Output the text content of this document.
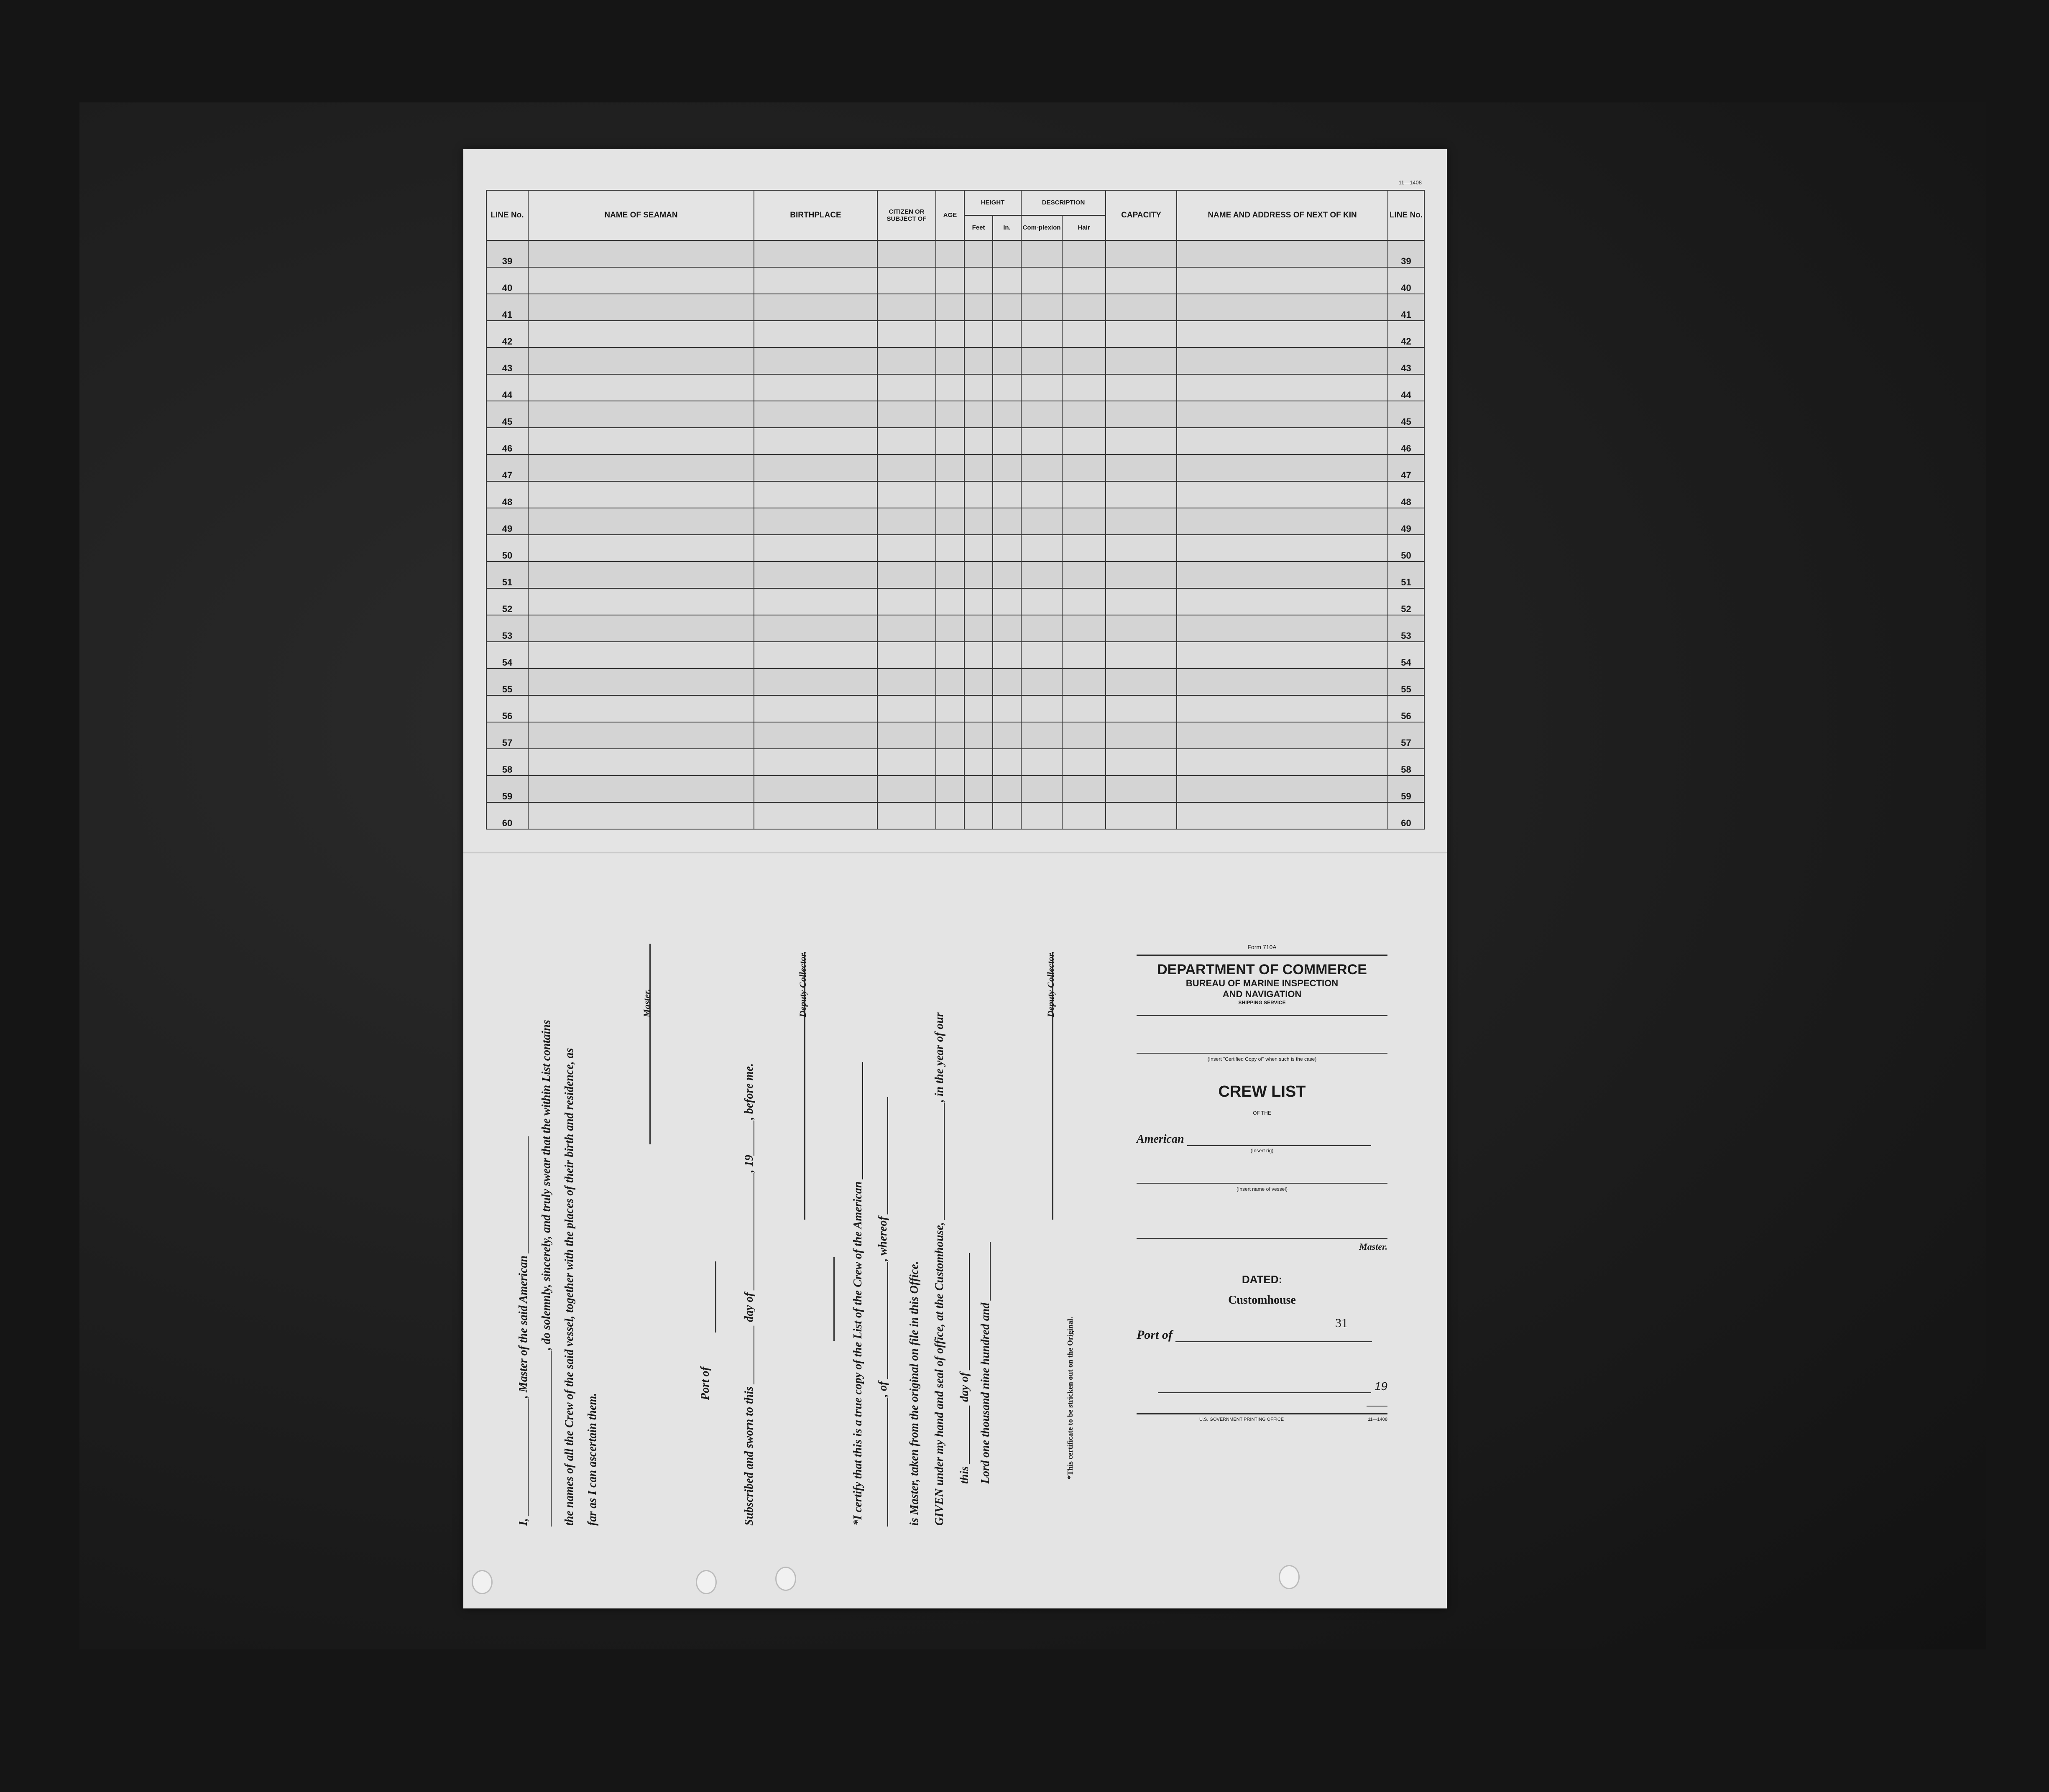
11—1408
LINE No.	NAME OF SEAMAN	BIRTHPLACE	CITIZEN OR SUBJECT OF	AGE	HEIGHT		DESCRIPTION		CAPACITY	NAME AND ADDRESS OF NEXT OF KIN	LINE No.
					Feet	In.	Com-plexion	Hair			
39											39
40											40
41											41
42											42
43											43
44											44
45											45
46											46
47											47
48											48
49											49
50											50
51											51
52											52
53											53
54											54
55											55
56											56
57											57
58											58
59											59
60											60
I, ____________________, Master of the said American ____________________ ______________________________, do solemnly, sincerely, and truly swear that the within List contains the names of all the Crew of the said vessel, together with the places of their birth and residence, as far as I can ascertain them.
Master.
Port of	Subscribed and sworn to this __________ day of ____________________, 19______, before me.
Deputy Collector.
*I certify that this is a true copy of the List of the Crew of the American ____________________ ______________________, of ____________________, whereof ____________________ is Master, taken from the original on file in this Office. GIVEN under my hand and seal of office, at the Customhouse, ____________________, in the year of our this __________ day of ____________________ Lord one thousand nine hundred and __________
Deputy Collector.
*This certificate to be stricken out on the Original.
Form 710A
DEPARTMENT OF COMMERCE
BUREAU OF MARINE INSPECTION
AND NAVIGATION
SHIPPING SERVICE
(Insert "Certified Copy of" when such is the case)
CREW LIST
OF THE
American
(Insert rig)
(Insert name of vessel)
Master.
DATED:
Customhouse
Port of
31
19
U.S. GOVERNMENT PRINTING OFFICE	11—1408
